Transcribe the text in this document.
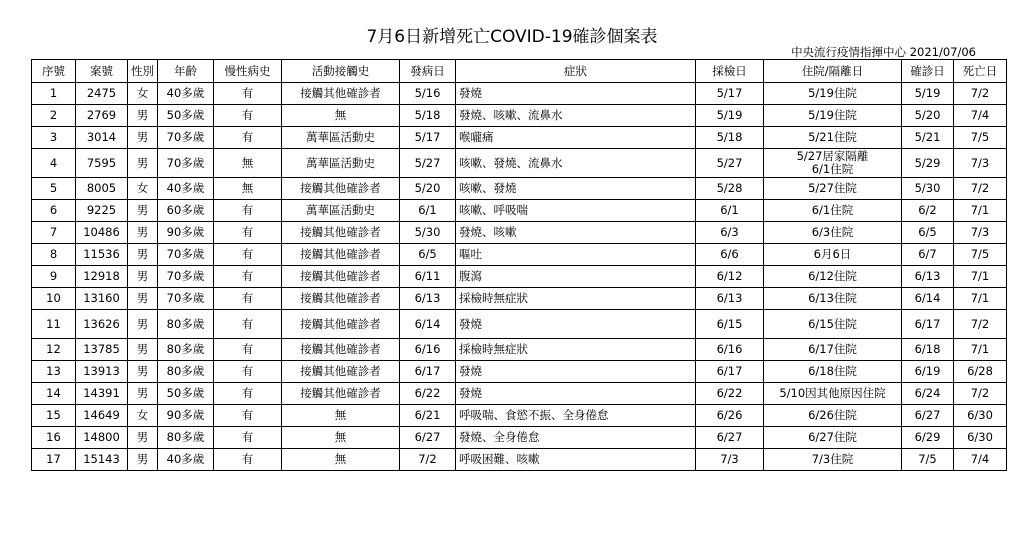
7月6日新增死亡COVID-19確診個案表
中央流行疫情指揮中心 2021/07/06
序號	案號	性別	年齡	慢性病史	活動接觸史	發病日	症狀	採檢日	住院/隔離日	確診日	死亡日
1	2475	女	40多歲	有	接觸其他確診者	5/16	發燒	5/17	5/19住院	5/19	7/2
2	2769	男	50多歲	有	無	5/18	發燒、咳嗽、流鼻水	5/19	5/19住院	5/20	7/4
3	3014	男	70多歲	有	萬華區活動史	5/17	喉嚨痛	5/18	5/21住院	5/21	7/5
4	7595	男	70多歲	無	萬華區活動史	5/27	咳嗽、發燒、流鼻水	5/27	5/27居家隔離
6/1住院	5/29	7/3
5	8005	女	40多歲	無	接觸其他確診者	5/20	咳嗽、發燒	5/28	5/27住院	5/30	7/2
6	9225	男	60多歲	有	萬華區活動史	6/1	咳嗽、呼吸喘	6/1	6/1住院	6/2	7/1
7	10486	男	90多歲	有	接觸其他確診者	5/30	發燒、咳嗽	6/3	6/3住院	6/5	7/3
8	11536	男	70多歲	有	接觸其他確診者	6/5	嘔吐	6/6	6月6日	6/7	7/5
9	12918	男	70多歲	有	接觸其他確診者	6/11	腹瀉	6/12	6/12住院	6/13	7/1
10	13160	男	70多歲	有	接觸其他確診者	6/13	採檢時無症狀	6/13	6/13住院	6/14	7/1
11	13626	男	80多歲	有	接觸其他確診者	6/14	發燒	6/15	6/15住院	6/17	7/2
12	13785	男	80多歲	有	接觸其他確診者	6/16	採檢時無症狀	6/16	6/17住院	6/18	7/1
13	13913	男	80多歲	有	接觸其他確診者	6/17	發燒	6/17	6/18住院	6/19	6/28
14	14391	男	50多歲	有	接觸其他確診者	6/22	發燒	6/22	5/10因其他原因住院	6/24	7/2
15	14649	女	90多歲	有	無	6/21	呼吸喘、食慾不振、全身倦怠	6/26	6/26住院	6/27	6/30
16	14800	男	80多歲	有	無	6/27	發燒、全身倦怠	6/27	6/27住院	6/29	6/30
17	15143	男	40多歲	有	無	7/2	呼吸困難、咳嗽	7/3	7/3住院	7/5	7/4
